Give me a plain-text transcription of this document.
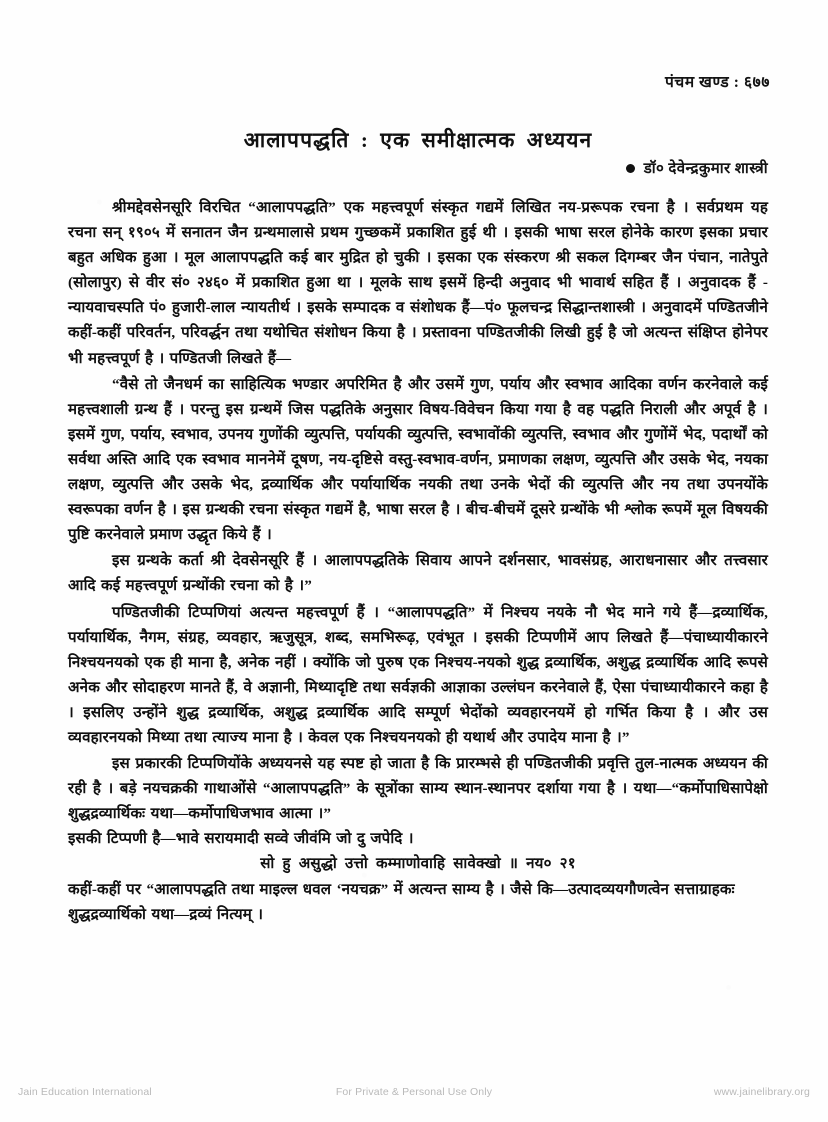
पंचम खण्ड : ६७७
आलापपद्धति : एक समीक्षात्मक अध्ययन
डॉ० देवेन्द्रकुमार शास्त्री

श्रीमद्देवसेनसूरि विरचित “आलापपद्धति” एक महत्त्वपूर्ण संस्कृत गद्यमें लिखित नय-प्ररूपक रचना है । सर्वप्रथम यह रचना सन् १९०५ में सनातन जैन ग्रन्थमालासे प्रथम गुच्छकमें प्रकाशित हुई थी । इसकी भाषा सरल होनेके कारण इसका प्रचार बहुत अधिक हुआ । मूल आलापपद्धति कई बार मुद्रित हो चुकी । इसका एक संस्करण श्री सकल दिगम्बर जैन पंचान, नातेपुते (सोलापुर) से वीर सं० २४६० में प्रकाशित हुआ था । मूलके साथ इसमें हिन्दी अनुवाद भी भावार्थ सहित हैं । अनुवादक हैं - न्यायवाचस्पति पं० हुजारी-लाल न्यायतीर्थ । इसके सम्पादक व संशोधक हैं—पं० फूलचन्द्र सिद्धान्तशास्त्री । अनुवादमें पण्डितजीने कहीं-कहीं परिवर्तन, परिवर्द्धन तथा यथोचित संशोधन किया है । प्रस्तावना पण्डितजीकी लिखी हुई है जो अत्यन्त संक्षिप्त होनेपर भी महत्त्वपूर्ण है । पण्डितजी लिखते हैं—

“वैसे तो जैनधर्म का साहित्यिक भण्डार अपरिमित है और उसमें गुण, पर्याय और स्वभाव आदिका वर्णन करनेवाले कई महत्त्वशाली ग्रन्थ हैं । परन्तु इस ग्रन्थमें जिस पद्धतिके अनुसार विषय-विवेचन किया गया है वह पद्धति निराली और अपूर्व है । इसमें गुण, पर्याय, स्वभाव, उपनय गुणोंकी व्युत्पत्ति, पर्यायकी व्युत्पत्ति, स्वभावोंकी व्युत्पत्ति, स्वभाव और गुणोंमें भेद, पदार्थों को सर्वथा अस्ति आदि एक स्वभाव माननेमें दूषण, नय-दृष्टिसे वस्तु-स्वभाव-वर्णन, प्रमाणका लक्षण, व्युत्पत्ति और उसके भेद, नयका लक्षण, व्युत्पत्ति और उसके भेद, द्रव्यार्थिक और पर्यायार्थिक नयकी तथा उनके भेदों की व्युत्पत्ति और नय तथा उपनयोंके स्वरूपका वर्णन है । इस ग्रन्थकी रचना संस्कृत गद्यमें है, भाषा सरल है । बीच-बीचमें दूसरे ग्रन्थोंके भी श्लोक रूपमें मूल विषयकी पुष्टि करनेवाले प्रमाण उद्धृत किये हैं ।

इस ग्रन्थके कर्ता श्री देवसेनसूरि हैं । आलापपद्धतिके सिवाय आपने दर्शनसार, भावसंग्रह, आराधनासार और तत्त्वसार आदि कई महत्त्वपूर्ण ग्रन्थोंकी रचना को है ।”

पण्डितजीकी टिप्पणियां अत्यन्त महत्त्वपूर्ण हैं । “आलापपद्धति” में निश्चय नयके नौ भेद माने गये हैं—द्रव्यार्थिक, पर्यायार्थिक, नैगम, संग्रह, व्यवहार, ऋजुसूत्र, शब्द, समभिरूढ़, एवंभूत । इसकी टिप्पणीमें आप लिखते हैं—पंचाध्यायीकारने निश्चयनयको एक ही माना है, अनेक नहीं । क्योंकि जो पुरुष एक निश्चय-नयको शुद्ध द्रव्यार्थिक, अशुद्ध द्रव्यार्थिक आदि रूपसे अनेक और सोदाहरण मानते हैं, वे अज्ञानी, मिथ्यादृष्टि तथा सर्वज्ञकी आज्ञाका उल्लंघन करनेवाले हैं, ऐसा पंचाध्यायीकारने कहा है । इसलिए उन्होंने शुद्ध द्रव्यार्थिक, अशुद्ध द्रव्यार्थिक आदि सम्पूर्ण भेदोंको व्यवहारनयमें हो गर्भित किया है । और उस व्यवहारनयको मिथ्या तथा त्याज्य माना है । केवल एक निश्चयनयको ही यथार्थ और उपादेय माना है ।”

इस प्रकारकी टिप्पणियोंके अध्ययनसे यह स्पष्ट हो जाता है कि प्रारम्भसे ही पण्डितजीकी प्रवृत्ति तुल-नात्मक अध्ययन की रही है । बड़े नयचक्रकी गाथाओंसे “आलापपद्धति” के सूत्रोंका साम्य स्थान-स्थानपर दर्शाया गया है । यथा—“कर्मोपाधिसापेक्षो शुद्धद्रव्यार्थिकः यथा—कर्मोपाधिजभाव आत्मा ।”

इसकी टिप्पणी है—भावे सरायमादी सव्वे जीवंमि जो दु जपेदि ।

सो हु असुद्धो उत्तो कम्माणोवाहि सावेक्खो ॥ नय० २१

कहीं-कहीं पर “आलापपद्धति तथा माइल्ल धवल ‘नयचक्र” में अत्यन्त साम्य है । जैसे कि—उत्पादव्ययगौणत्वेन सत्ताग्राहकः शुद्धद्रव्यार्थिको यथा—द्रव्यं नित्यम् ।

Jain Education International	For Private & Personal Use Only	www.jainelibrary.org
